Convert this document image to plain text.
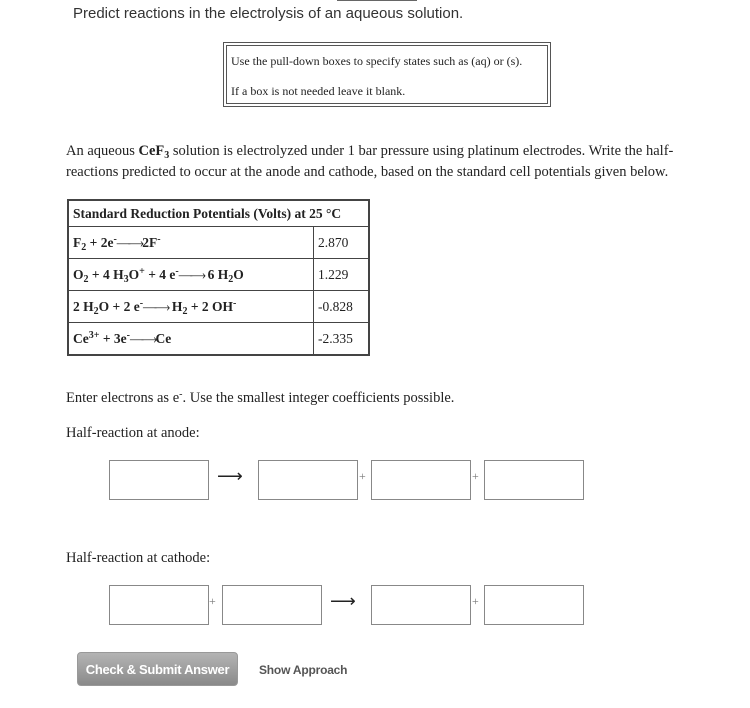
Predict reactions in the electrolysis of an aqueous solution.

Use the pull-down boxes to specify states such as (aq) or (s).

If a box is not needed leave it blank.

An aqueous CeF$_3$ solution is electrolyzed under 1 bar pressure using platinum electrodes. Write the half-reactions predicted to occur at the anode and cathode, based on the standard cell potentials given below.
Standard Reduction Potentials (Volts) at 25 °C	
$F_2$ + 2e-——›2F-	2.870
$O_2 + 4$ $H_3O^+ + 4$ e-——› 6 $H_2O$	1.229
2 $H_2O + 2$ e-——› $H_2 + 2$ OH-	-0.828
$Ce^{3+}$ + 3e-——›Ce	-2.335
Enter electrons as e-. Use the smallest integer coefficients possible.
Half-reaction at anode:
⟶	+	+
Half-reaction at cathode:
+	⟶	+
Check & Submit Answer	Show Approach
